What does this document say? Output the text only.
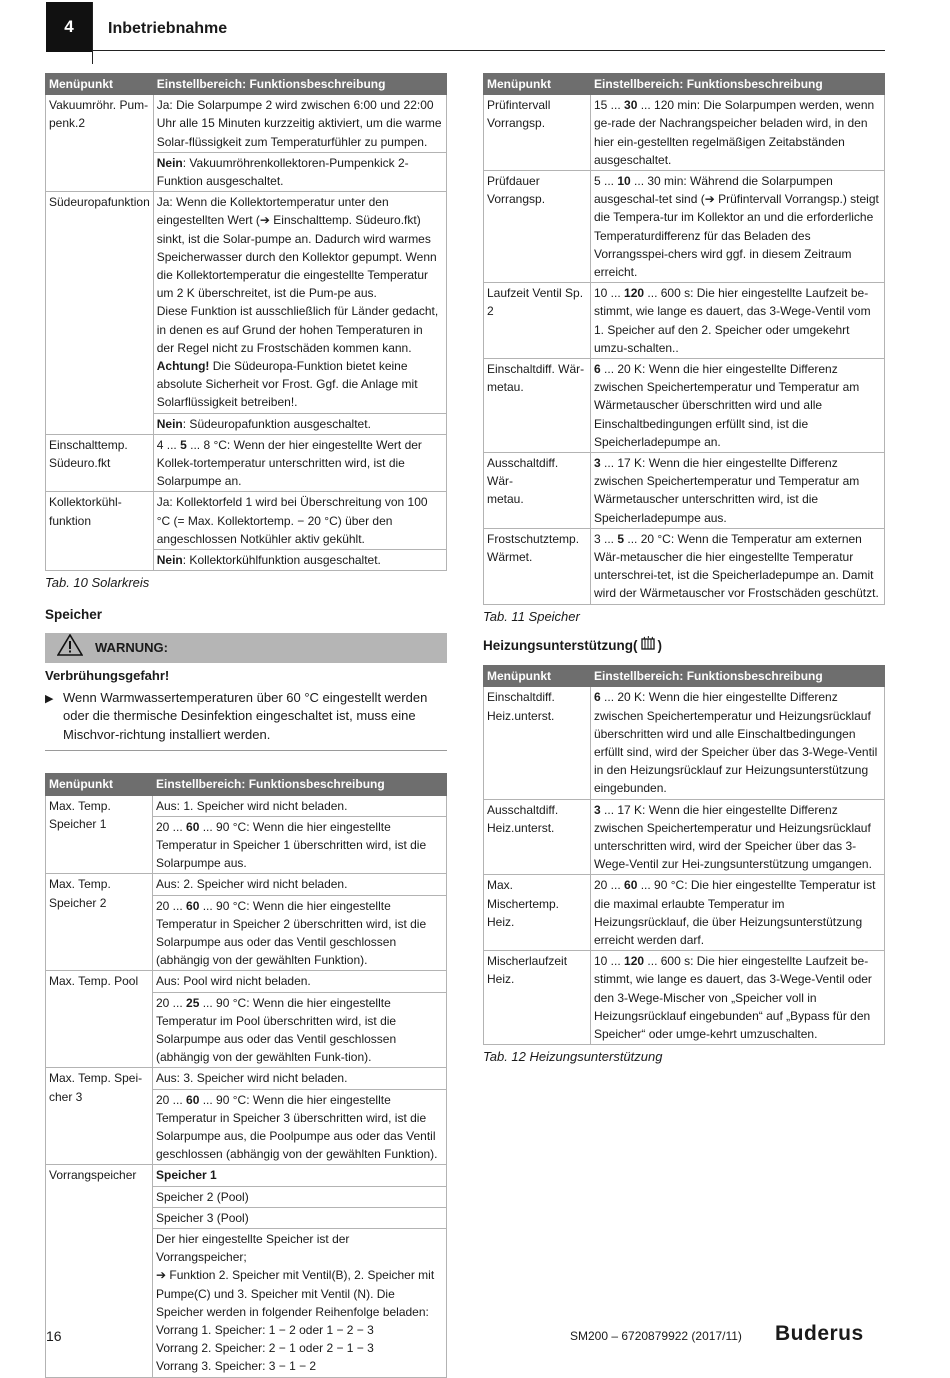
4	Inbetriebnahme
Menüpunkt	Einstellbereich: Funktionsbeschreibung

Vakuumröhr. Pum-
penk.2	Ja: Die Solarpumpe 2 wird zwischen 6:00 und 22:00 Uhr alle 15 Minuten kurzzeitig aktiviert, um die warme Solar-flüssigkeit zum Temperaturfühler zu pumpen.

	Nein: Vakuumröhrenkollektoren-Pumpenkick 2-Funktion ausgeschaltet.

Südeuropafunktion	Ja: Wenn die Kollektortemperatur unter den eingestellten Wert (➔ Einschalttemp. Südeuro.fkt) sinkt, ist die Solar-pumpe an. Dadurch wird warmes Speicherwasser durch den Kollektor gepumpt. Wenn die Kollektortemperatur die eingestellte Temperatur um 2 K überschreitet, ist die Pum-pe aus.
Diese Funktion ist ausschließlich für Länder gedacht, in denen es auf Grund der hohen Temperaturen in der Regel nicht zu Frostschäden kommen kann.
Achtung! Die Südeuropa-Funktion bietet keine absolute Sicherheit vor Frost. Ggf. die Anlage mit Solarflüssigkeit betreiben!.

	Nein: Südeuropafunktion ausgeschaltet.

Einschalttemp.
Südeuro.fkt	4 ... 5 ... 8 °C: Wenn der hier eingestellte Wert der Kollek-tortemperatur unterschritten wird, ist die Solarpumpe an.

Kollektorkühl-
funktion	Ja: Kollektorfeld 1 wird bei Überschreitung von 100 °C (= Max. Kollektortemp. − 20 °C) über den angeschlossen Notkühler aktiv gekühlt.

	Nein: Kollektorkühlfunktion ausgeschaltet.
Tab. 10 Solarkreis
Speicher
WARNUNG:
Verbrühungsgefahr!
▶ Wenn Warmwassertemperaturen über 60 °C eingestellt werden oder die thermische Desinfektion eingeschaltet ist, muss eine Mischvor-richtung installiert werden.
Menüpunkt	Einstellbereich: Funktionsbeschreibung

Max. Temp.
Speicher 1	Aus: 1. Speicher wird nicht beladen.

	20 ... 60 ... 90 °C: Wenn die hier eingestellte Temperatur in Speicher 1 überschritten wird, ist die Solarpumpe aus.

Max. Temp.
Speicher 2	Aus: 2. Speicher wird nicht beladen.

	20 ... 60 ... 90 °C: Wenn die hier eingestellte Temperatur in Speicher 2 überschritten wird, ist die Solarpumpe aus oder das Ventil geschlossen (abhängig von der gewählten Funktion).

Max. Temp. Pool	Aus: Pool wird nicht beladen.

	20 ... 25 ... 90 °C: Wenn die hier eingestellte Temperatur im Pool überschritten wird, ist die Solarpumpe aus oder das Ventil geschlossen (abhängig von der gewählten Funk-tion).

Max. Temp. Spei-
cher 3	Aus: 3. Speicher wird nicht beladen.

	20 ... 60 ... 90 °C: Wenn die hier eingestellte Temperatur in Speicher 3 überschritten wird, ist die Solarpumpe aus, die Poolpumpe aus oder das Ventil geschlossen (abhängig von der gewählten Funktion).

Vorrangspeicher	Speicher 1

	Speicher 2 (Pool)

	Speicher 3 (Pool)

	Der hier eingestellte Speicher ist der Vorrangspeicher;
➔ Funktion 2. Speicher mit Ventil(B), 2. Speicher mit Pumpe(C) und 3. Speicher mit Ventil (N). Die Speicher werden in folgender Reihenfolge beladen:
Vorrang 1. Speicher: 1 − 2 oder 1 − 2 − 3
Vorrang 2. Speicher: 2 − 1 oder 2 − 1 − 3
Vorrang 3. Speicher: 3 − 1 − 2
Menüpunkt	Einstellbereich: Funktionsbeschreibung

Prüfintervall
Vorrangsp.	15 ... 30 ... 120 min: Die Solarpumpen werden, wenn ge-rade der Nachrangspeicher beladen wird, in den hier ein-gestellten regelmäßigen Zeitabständen ausgeschaltet.

Prüfdauer
Vorrangsp.	5 ... 10 ... 30 min: Während die Solarpumpen ausgeschal-tet sind (➔ Prüfintervall Vorrangsp.) steigt die Tempera-tur im Kollektor an und die erforderliche Temperaturdifferenz für das Beladen des Vorrangsspei-chers wird ggf. in diesem Zeitraum erreicht.

Laufzeit Ventil Sp. 2	10 ... 120 ... 600 s: Die hier eingestellte Laufzeit be-stimmt, wie lange es dauert, das 3-Wege-Ventil vom 1. Speicher auf den 2. Speicher oder umgekehrt umzu-schalten..

Einschaltdiff. Wär-
metau.	6 ... 20 K: Wenn die hier eingestellte Differenz zwischen Speichertemperatur und Temperatur am Wärmetauscher überschritten wird und alle Einschaltbedingungen erfüllt sind, ist die Speicherladepumpe an.

Ausschaltdiff. Wär-
metau.	3 ... 17 K: Wenn die hier eingestellte Differenz zwischen Speichertemperatur und Temperatur am Wärmetauscher unterschritten wird, ist die Speicherladepumpe aus.

Frostschutztemp.
Wärmet.	3 ... 5 ... 20 °C: Wenn die Temperatur am externen Wär-metauscher die hier eingestellte Temperatur unterschrei-tet, ist die Speicherladepumpe an. Damit wird der Wärmetauscher vor Frostschäden geschützt.
Tab. 11 Speicher
Heizungsunterstützung( )
Menüpunkt	Einstellbereich: Funktionsbeschreibung

Einschaltdiff.
Heiz.unterst.	6 ... 20 K: Wenn die hier eingestellte Differenz zwischen Speichertemperatur und Heizungsrücklauf überschritten wird und alle Einschaltbedingungen erfüllt sind, wird der Speicher über das 3-Wege-Ventil in den Heizungsrücklauf zur Heizungsunterstützung eingebunden.

Ausschaltdiff.
Heiz.unterst.	3 ... 17 K: Wenn die hier eingestellte Differenz zwischen Speichertemperatur und Heizungsrücklauf unterschritten wird, wird der Speicher über das 3-Wege-Ventil zur Hei-zungsunterstützung umgangen.

Max. Mischertemp.
Heiz.	20 ... 60 ... 90 °C: Die hier eingestellte Temperatur ist die maximal erlaubte Temperatur im Heizungsrücklauf, die über Heizungsunterstützung erreicht werden darf.

Mischerlaufzeit
Heiz.	10 ... 120 ... 600 s: Die hier eingestellte Laufzeit be-stimmt, wie lange es dauert, das 3-Wege-Ventil oder den 3-Wege-Mischer von „Speicher voll in Heizungsrücklauf eingebunden“ auf „Bypass für den Speicher“ oder umge-kehrt umzuschalten.
Tab. 12 Heizungsunterstützung
16	SM200 – 6720879922 (2017/11) Buderus
